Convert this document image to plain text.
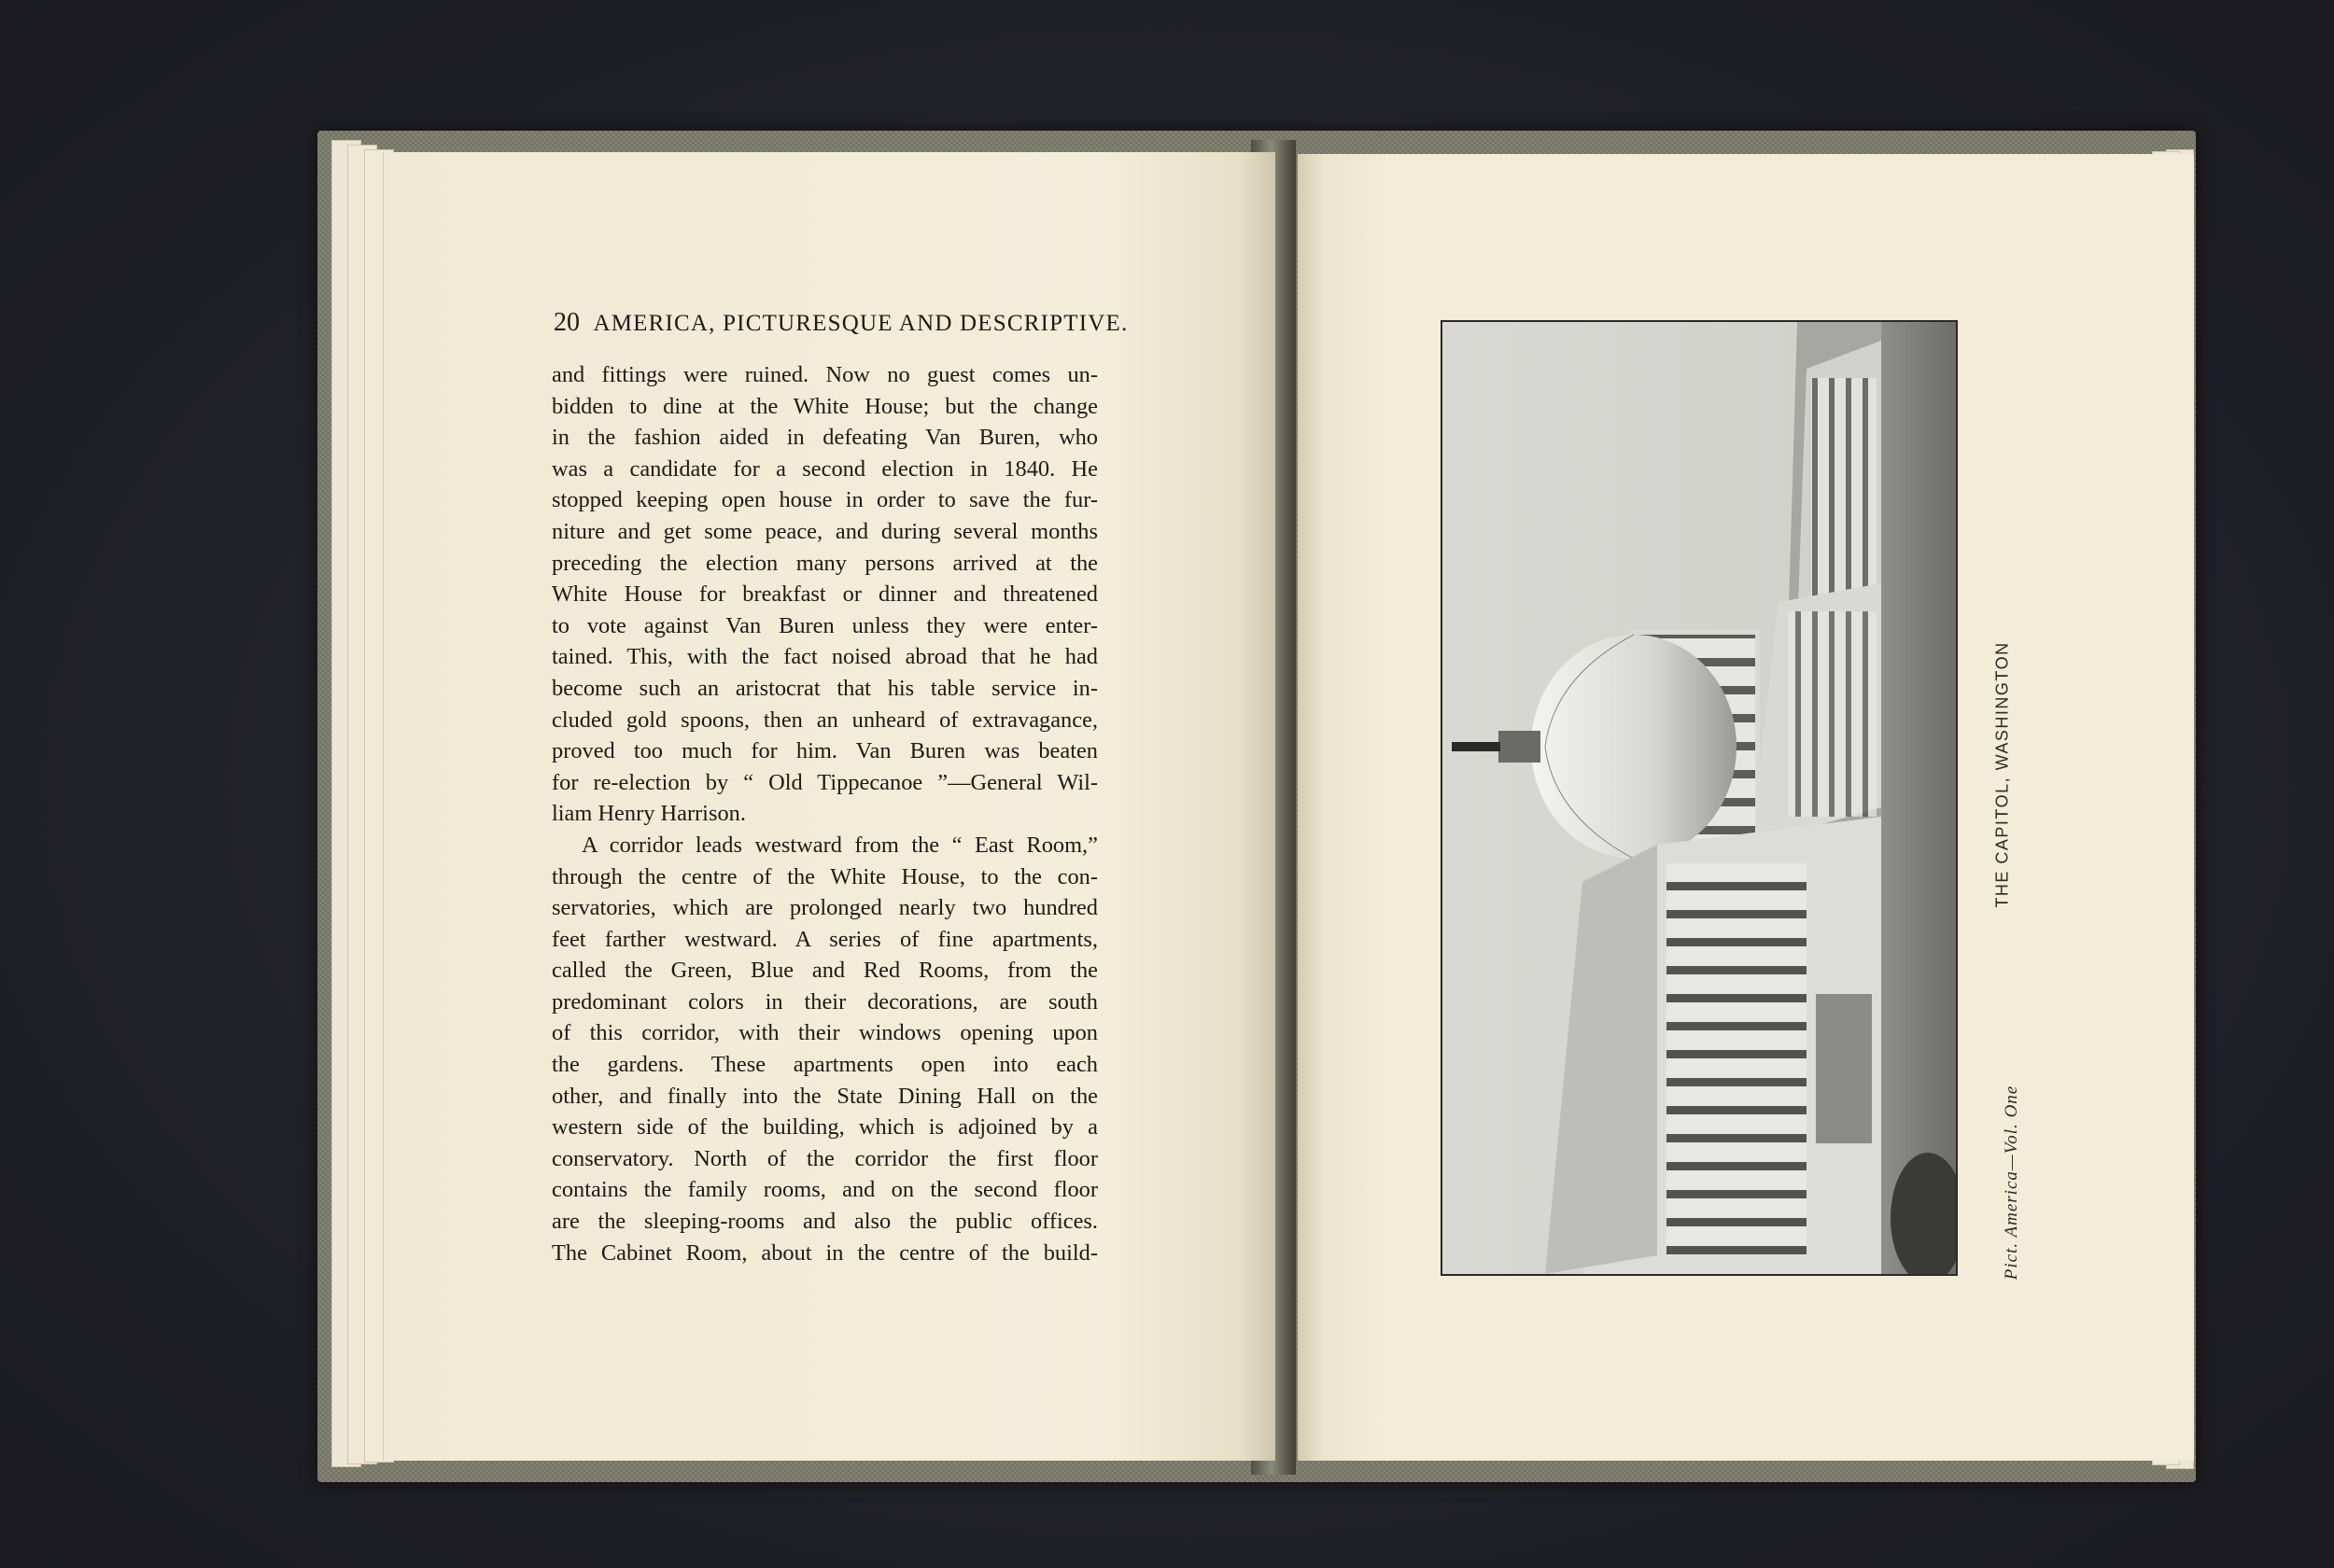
20 AMERICA, PICTURESQUE AND DESCRIPTIVE.
and fittings were ruined. Now no guest comes un-
bidden to dine at the White House; but the change
in the fashion aided in defeating Van Buren, who
was a candidate for a second election in 1840. He
stopped keeping open house in order to save the fur-
niture and get some peace, and during several months
preceding the election many persons arrived at the
White House for breakfast or dinner and threatened
to vote against Van Buren unless they were enter-
tained. This, with the fact noised abroad that he had
become such an aristocrat that his table service in-
cluded gold spoons, then an unheard of extravagance,
proved too much for him. Van Buren was beaten
for re-election by “ Old Tippecanoe ”—General Wil-
liam Henry Harrison.
A corridor leads westward from the “ East Room,”
through the centre of the White House, to the con-
servatories, which are prolonged nearly two hundred
feet farther westward. A series of fine apartments,
called the Green, Blue and Red Rooms, from the
predominant colors in their decorations, are south
of this corridor, with their windows opening upon
the gardens. These apartments open into each
other, and finally into the State Dining Hall on the
western side of the building, which is adjoined by a
conservatory. North of the corridor the first floor
contains the family rooms, and on the second floor
are the sleeping-rooms and also the public offices.
The Cabinet Room, about in the centre of the build-
THE CAPITOL, WASHINGTON
Pict. America—Vol. One
